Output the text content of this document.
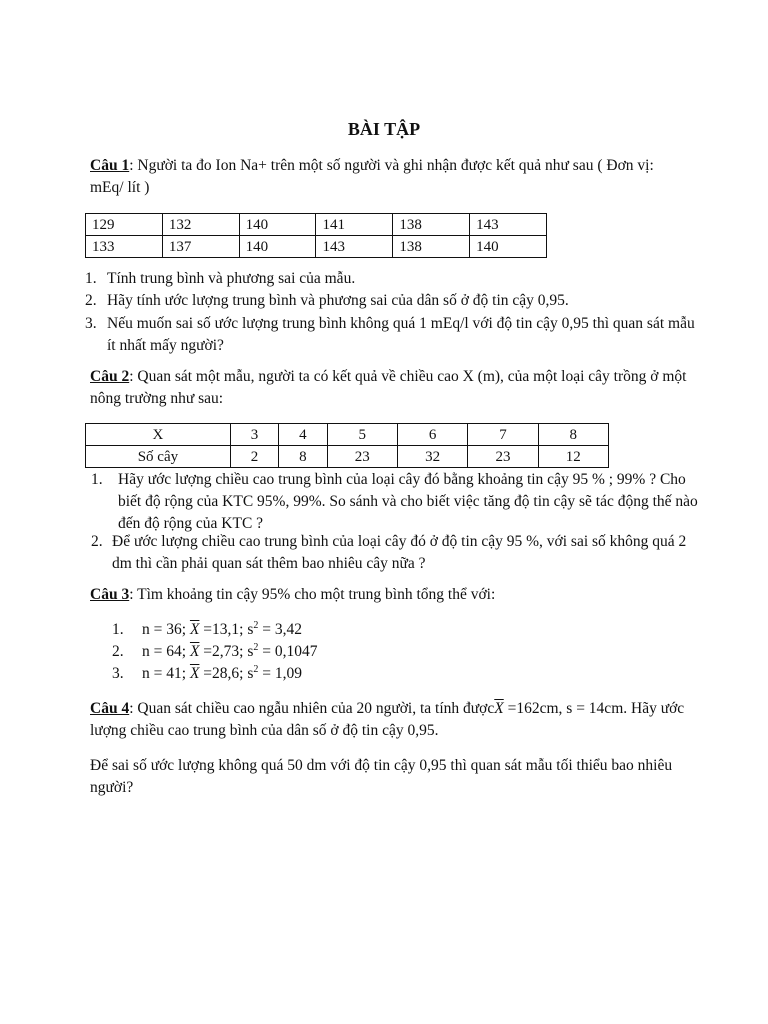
BÀI TẬP
Câu 1: Người ta đo Ion Na+ trên một số người và ghi nhận được kết quả như sau ( Đơn vị: mEq/ lít )
129	132	140	141	138	143
133	137	140	143	138	140
1. Tính trung bình và phương sai của mẫu.
2. Hãy tính ước lượng trung bình và phương sai của dân số ở độ tin cậy 0,95.
3. Nếu muốn sai số ước lượng trung bình không quá 1 mEq/l với độ tin cậy 0,95 thì quan sát mẫu ít nhất mấy người?
Câu 2: Quan sát một mẫu, người ta có kết quả về chiều cao X (m), của một loại cây trồng ở một nông trường như sau:
X	3	4	5	6	7	8
Số cây	2	8	23	32	23	12
1. Hãy ước lượng chiều cao trung bình của loại cây đó bằng khoảng tin cậy 95 % ; 99% ? Cho biết độ rộng của KTC 95%, 99%. So sánh và cho biết việc tăng độ tin cậy sẽ tác động thế nào đến độ rộng của KTC ?
2. Để ước lượng chiều cao trung bình của loại cây đó ở độ tin cậy 95 %, với sai số không quá 2 dm thì cần phải quan sát thêm bao nhiêu cây nữa ?
Câu 3: Tìm khoảng tin cậy 95% cho một trung bình tổng thể với:
1. n = 36; $\overline{X} =13,1$; $s^2 = 3,42$
2. n = 64; $\overline{X} =2,73$; $s^2 = 0,1047$
3. n = 41; $\overline{X} =28,6$; $s^2 = 1,09$
Câu 4: Quan sát chiều cao ngẫu nhiên của 20 người, ta tính $được\overline{X} =162cm$, s = 14cm. Hãy ước lượng chiều cao trung bình của dân số ở độ tin cậy 0,95.
Để sai số ước lượng không quá 50 dm với độ tin cậy 0,95 thì quan sát mẫu tối thiểu bao nhiêu người?
